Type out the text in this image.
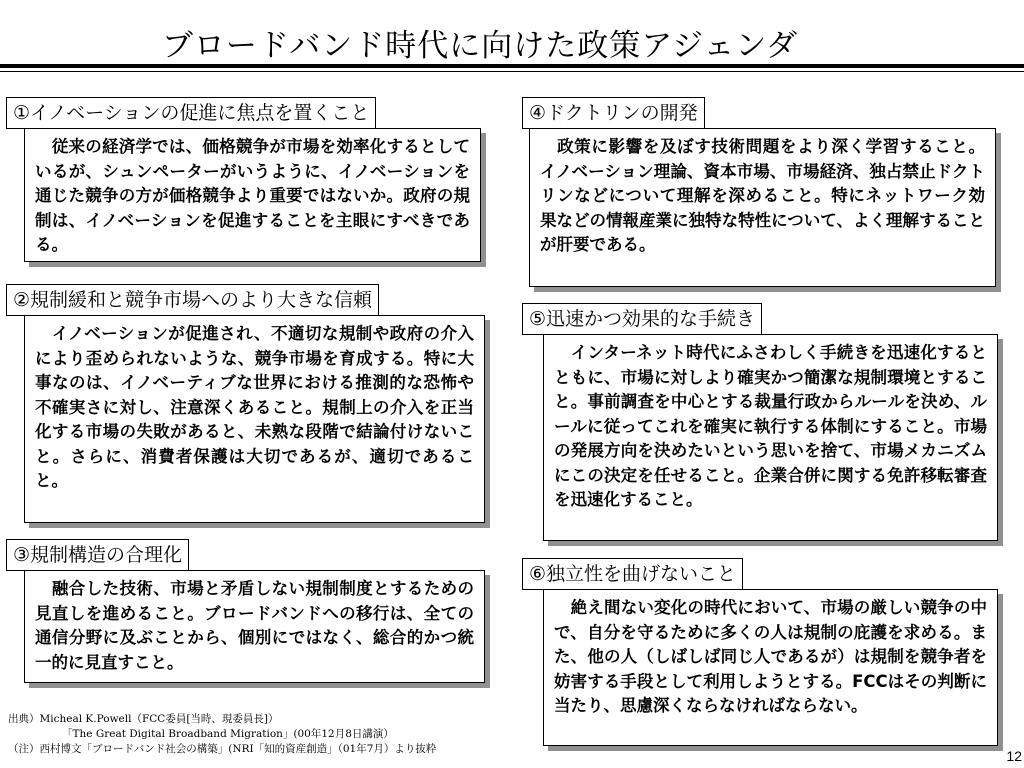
ブロードバンド時代に向けた政策アジェンダ
①イノベーションの促進に焦点を置くこと
　従来の経済学では、価格競争が市場を効率化するとしているが、シュンペーターがいうように、イノベーションを通じた競争の方が価格競争より重要ではないか。政府の規制は、イノベーションを促進することを主眼にすべきである。
②規制緩和と競争市場へのより大きな信頼
　イノベーションが促進され、不適切な規制や政府の介入により歪められないような、競争市場を育成する。特に大事なのは、イノベーティブな世界における推測的な恐怖や不確実さに対し、注意深くあること。規制上の介入を正当化する市場の失敗があると、未熟な段階で結論付けないこと。さらに、消費者保護は大切であるが、適切であること。
③規制構造の合理化
　融合した技術、市場と矛盾しない規制制度とするための見直しを進めること。ブロードバンドへの移行は、全ての通信分野に及ぶことから、個別にではなく、総合的かつ統一的に見直すこと。
④ドクトリンの開発
　政策に影響を及ぼす技術問題をより深く学習すること。イノベーション理論、資本市場、市場経済、独占禁止ドクトリンなどについて理解を深めること。特にネットワーク効果などの情報産業に独特な特性について、よく理解することが肝要である。
⑤迅速かつ効果的な手続き
　インターネット時代にふさわしく手続きを迅速化するとともに、市場に対しより確実かつ簡潔な規制環境とすること。事前調査を中心とする裁量行政からルールを決め、ルールに従ってこれを確実に執行する体制にすること。市場の発展方向を決めたいという思いを捨て、市場メカニズムにこの決定を任せること。企業合併に関する免許移転審査を迅速化すること。
⑥独立性を曲げないこと
　絶え間ない変化の時代において、市場の厳しい競争の中で、自分を守るために多くの人は規制の庇護を求める。また、他の人（しばしば同じ人であるが）は規制を競争者を妨害する手段として利用しようとする。FCCはその判断に当たり、思慮深くならなければならない。
出典）Micheal K.Powell（FCC委員[当時、現委員長]）
「The Great Digital Broadband Migration」(00年12月8日講演）
（注）西村博文「ブロードバンド社会の構築」(NRI「知的資産創造」（01年7月）より抜粋	12
